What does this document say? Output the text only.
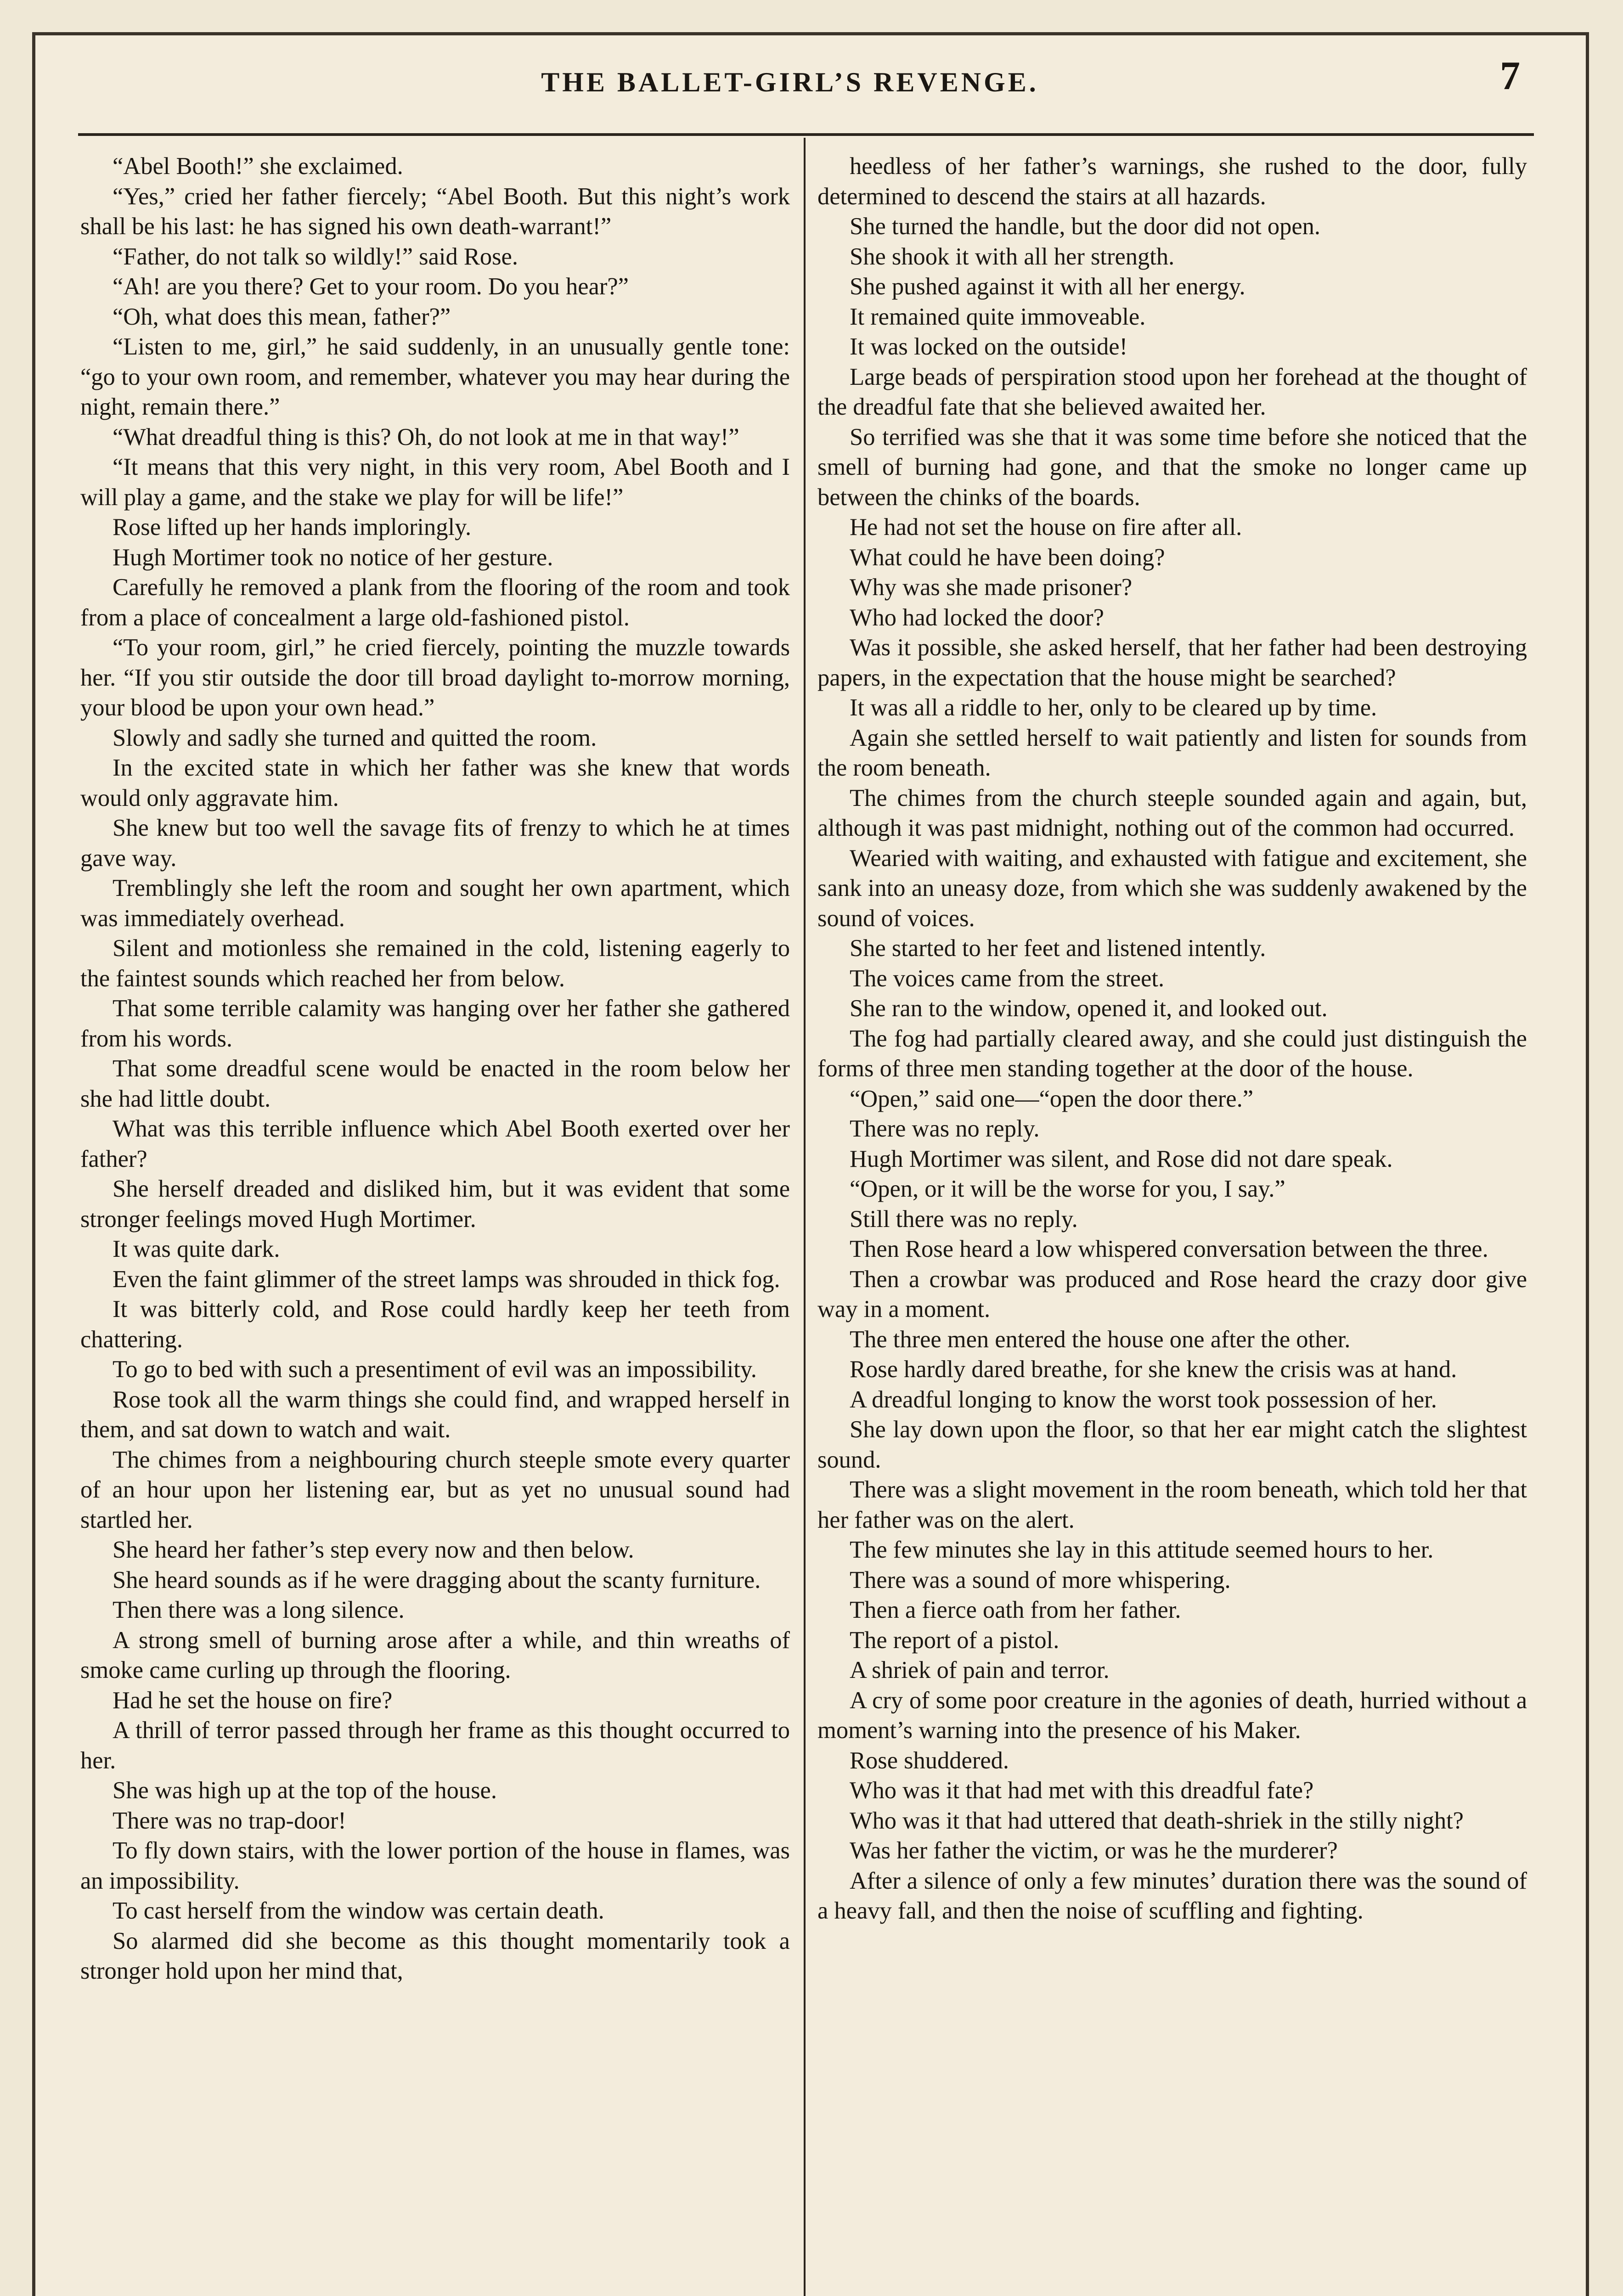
THE BALLET-GIRL’S REVENGE.	7

“Abel Booth!” she exclaimed.

“Yes,” cried her father fiercely; “Abel Booth. But this night’s work shall be his last: he has signed his own death-warrant!”

“Father, do not talk so wildly!” said Rose.

“Ah! are you there? Get to your room. Do you hear?”

“Oh, what does this mean, father?”

“Listen to me, girl,” he said suddenly, in an unusually gentle tone: “go to your own room, and remember, whatever you may hear during the night, remain there.”

“What dreadful thing is this? Oh, do not look at me in that way!”

“It means that this very night, in this very room, Abel Booth and I will play a game, and the stake we play for will be life!”

Rose lifted up her hands imploringly.

Hugh Mortimer took no notice of her gesture.

Carefully he removed a plank from the flooring of the room and took from a place of concealment a large old-fashioned pistol.

“To your room, girl,” he cried fiercely, pointing the muzzle towards her. “If you stir outside the door till broad daylight to-morrow morning, your blood be upon your own head.”

Slowly and sadly she turned and quitted the room.

In the excited state in which her father was she knew that words would only aggravate him.

She knew but too well the savage fits of frenzy to which he at times gave way.

Tremblingly she left the room and sought her own apartment, which was immediately overhead.

Silent and motionless she remained in the cold, listening eagerly to the faintest sounds which reached her from below.

That some terrible calamity was hanging over her father she gathered from his words.

That some dreadful scene would be enacted in the room below her she had little doubt.

What was this terrible influence which Abel Booth exerted over her father?

She herself dreaded and disliked him, but it was evident that some stronger feelings moved Hugh Mortimer.

It was quite dark.

Even the faint glimmer of the street lamps was shrouded in thick fog.

It was bitterly cold, and Rose could hardly keep her teeth from chattering.

To go to bed with such a presentiment of evil was an impossibility.

Rose took all the warm things she could find, and wrapped herself in them, and sat down to watch and wait.

The chimes from a neighbouring church steeple smote every quarter of an hour upon her listening ear, but as yet no unusual sound had startled her.

She heard her father’s step every now and then below.

She heard sounds as if he were dragging about the scanty furniture.

Then there was a long silence.

A strong smell of burning arose after a while, and thin wreaths of smoke came curling up through the flooring.

Had he set the house on fire?

A thrill of terror passed through her frame as this thought occurred to her.

She was high up at the top of the house.

There was no trap-door!

To fly down stairs, with the lower portion of the house in flames, was an impossibility.

To cast herself from the window was certain death.

So alarmed did she become as this thought momentarily took a stronger hold upon her mind that,

heedless of her father’s warnings, she rushed to the door, fully determined to descend the stairs at all hazards.

She turned the handle, but the door did not open.

She shook it with all her strength.

She pushed against it with all her energy.

It remained quite immoveable.

It was locked on the outside!

Large beads of perspiration stood upon her forehead at the thought of the dreadful fate that she believed awaited her.

So terrified was she that it was some time before she noticed that the smell of burning had gone, and that the smoke no longer came up between the chinks of the boards.

He had not set the house on fire after all.

What could he have been doing?

Why was she made prisoner?

Who had locked the door?

Was it possible, she asked herself, that her father had been destroying papers, in the expectation that the house might be searched?

It was all a riddle to her, only to be cleared up by time.

Again she settled herself to wait patiently and listen for sounds from the room beneath.

The chimes from the church steeple sounded again and again, but, although it was past midnight, nothing out of the common had occurred.

Wearied with waiting, and exhausted with fatigue and excitement, she sank into an uneasy doze, from which she was suddenly awakened by the sound of voices.

She started to her feet and listened intently.

The voices came from the street.

She ran to the window, opened it, and looked out.

The fog had partially cleared away, and she could just distinguish the forms of three men standing together at the door of the house.

“Open,” said one—“open the door there.”

There was no reply.

Hugh Mortimer was silent, and Rose did not dare speak.

“Open, or it will be the worse for you, I say.”

Still there was no reply.

Then Rose heard a low whispered conversation between the three.

Then a crowbar was produced and Rose heard the crazy door give way in a moment.

The three men entered the house one after the other.

Rose hardly dared breathe, for she knew the crisis was at hand.

A dreadful longing to know the worst took possession of her.

She lay down upon the floor, so that her ear might catch the slightest sound.

There was a slight movement in the room beneath, which told her that her father was on the alert.

The few minutes she lay in this attitude seemed hours to her.

There was a sound of more whispering.

Then a fierce oath from her father.

The report of a pistol.

A shriek of pain and terror.

A cry of some poor creature in the agonies of death, hurried without a moment’s warning into the presence of his Maker.

Rose shuddered.

Who was it that had met with this dreadful fate?

Who was it that had uttered that death-shriek in the stilly night?

Was her father the victim, or was he the murderer?

After a silence of only a few minutes’ duration there was the sound of a heavy fall, and then the noise of scuffling and fighting.
